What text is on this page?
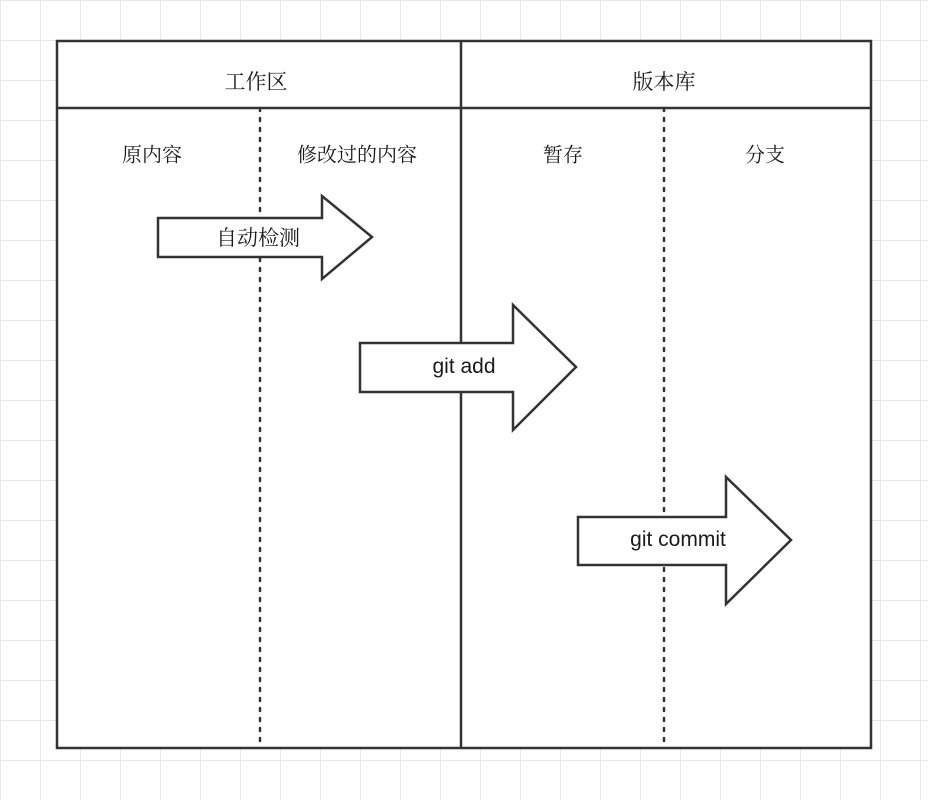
工作区	版本库
原内容	修改过的内容	暂存	分支
自动检测
git add
git commit
